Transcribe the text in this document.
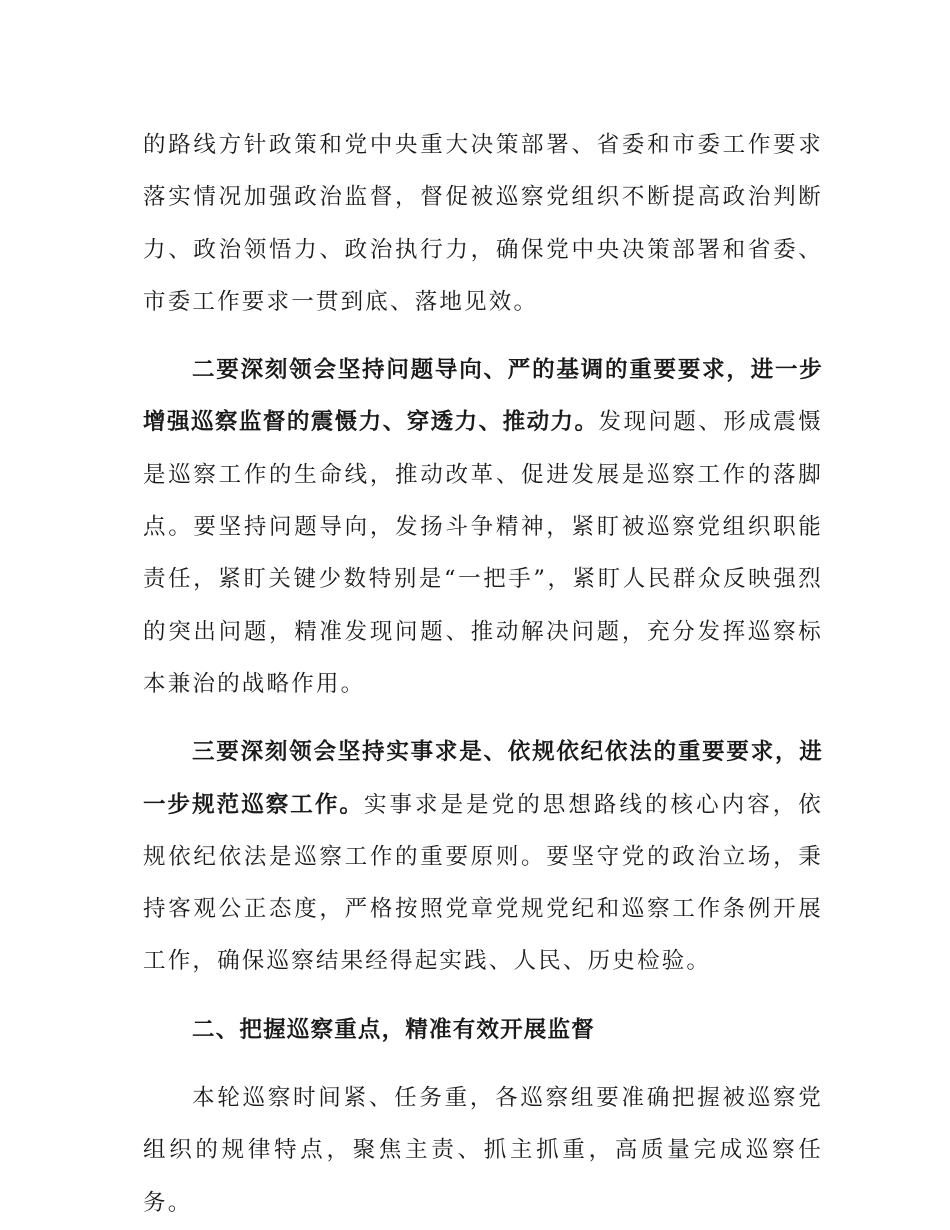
的路线方针政策和党中央重大决策部署、省委和市委工作要求落实情况加强政治监督，督促被巡察党组织不断提高政治判断力、政治领悟力、政治执行力，确保党中央决策部署和省委、市委工作要求一贯到底、落地见效。

二要深刻领会坚持问题导向、严的基调的重要要求，进一步增强巡察监督的震慑力、穿透力、推动力。发现问题、形成震慑是巡察工作的生命线，推动改革、促进发展是巡察工作的落脚点。要坚持问题导向，发扬斗争精神，紧盯被巡察党组织职能责任，紧盯关键少数特别是“一把手”，紧盯人民群众反映强烈的突出问题，精准发现问题、推动解决问题，充分发挥巡察标本兼治的战略作用。

三要深刻领会坚持实事求是、依规依纪依法的重要要求，进一步规范巡察工作。实事求是是党的思想路线的核心内容，依规依纪依法是巡察工作的重要原则。要坚守党的政治立场，秉持客观公正态度，严格按照党章党规党纪和巡察工作条例开展工作，确保巡察结果经得起实践、人民、历史检验。

二、把握巡察重点，精准有效开展监督

本轮巡察时间紧、任务重，各巡察组要准确把握被巡察党组织的规律特点，聚焦主责、抓主抓重，高质量完成巡察任务。
